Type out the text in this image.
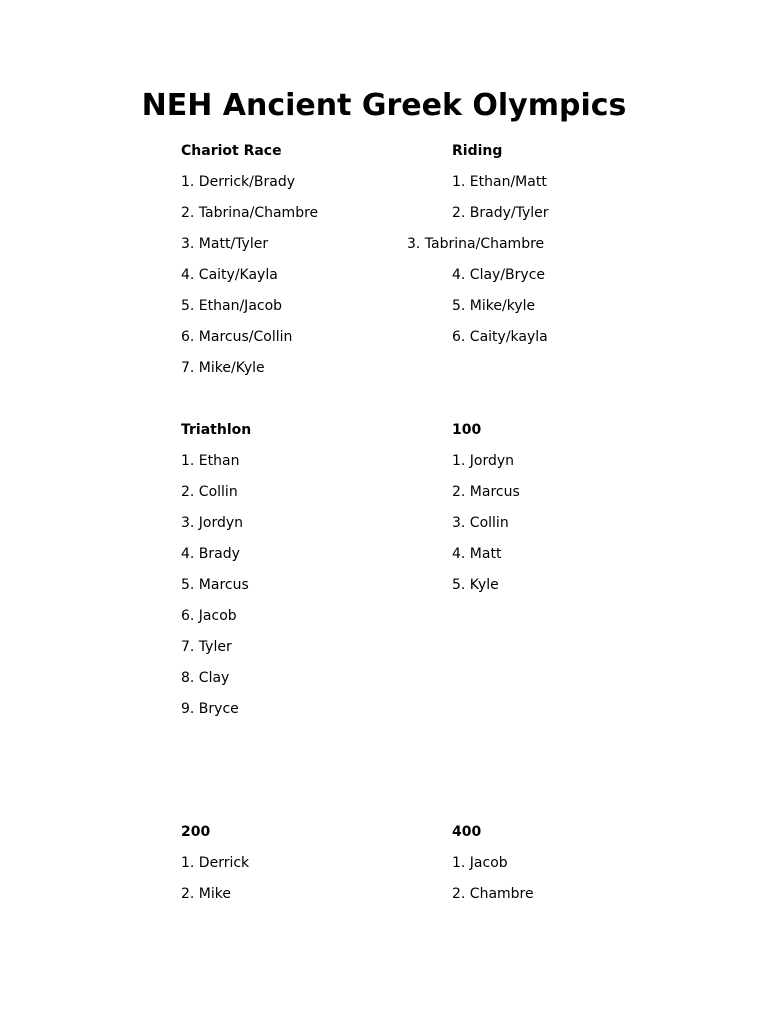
NEH Ancient Greek Olympics
Chariot Race
1. Derrick/Brady
2. Tabrina/Chambre
3. Matt/Tyler
4. Caity/Kayla
5. Ethan/Jacob
6. Marcus/Collin
7. Mike/Kyle
Riding
1. Ethan/Matt
2. Brady/Tyler
3. Tabrina/Chambre
4. Clay/Bryce
5. Mike/kyle
6. Caity/kayla
Triathlon
1. Ethan
2. Collin
3. Jordyn
4. Brady
5. Marcus
6. Jacob
7. Tyler
8. Clay
9. Bryce
100
1. Jordyn
2. Marcus
3. Collin
4. Matt
5. Kyle
200
1. Derrick
2. Mike
400
1. Jacob
2. Chambre
